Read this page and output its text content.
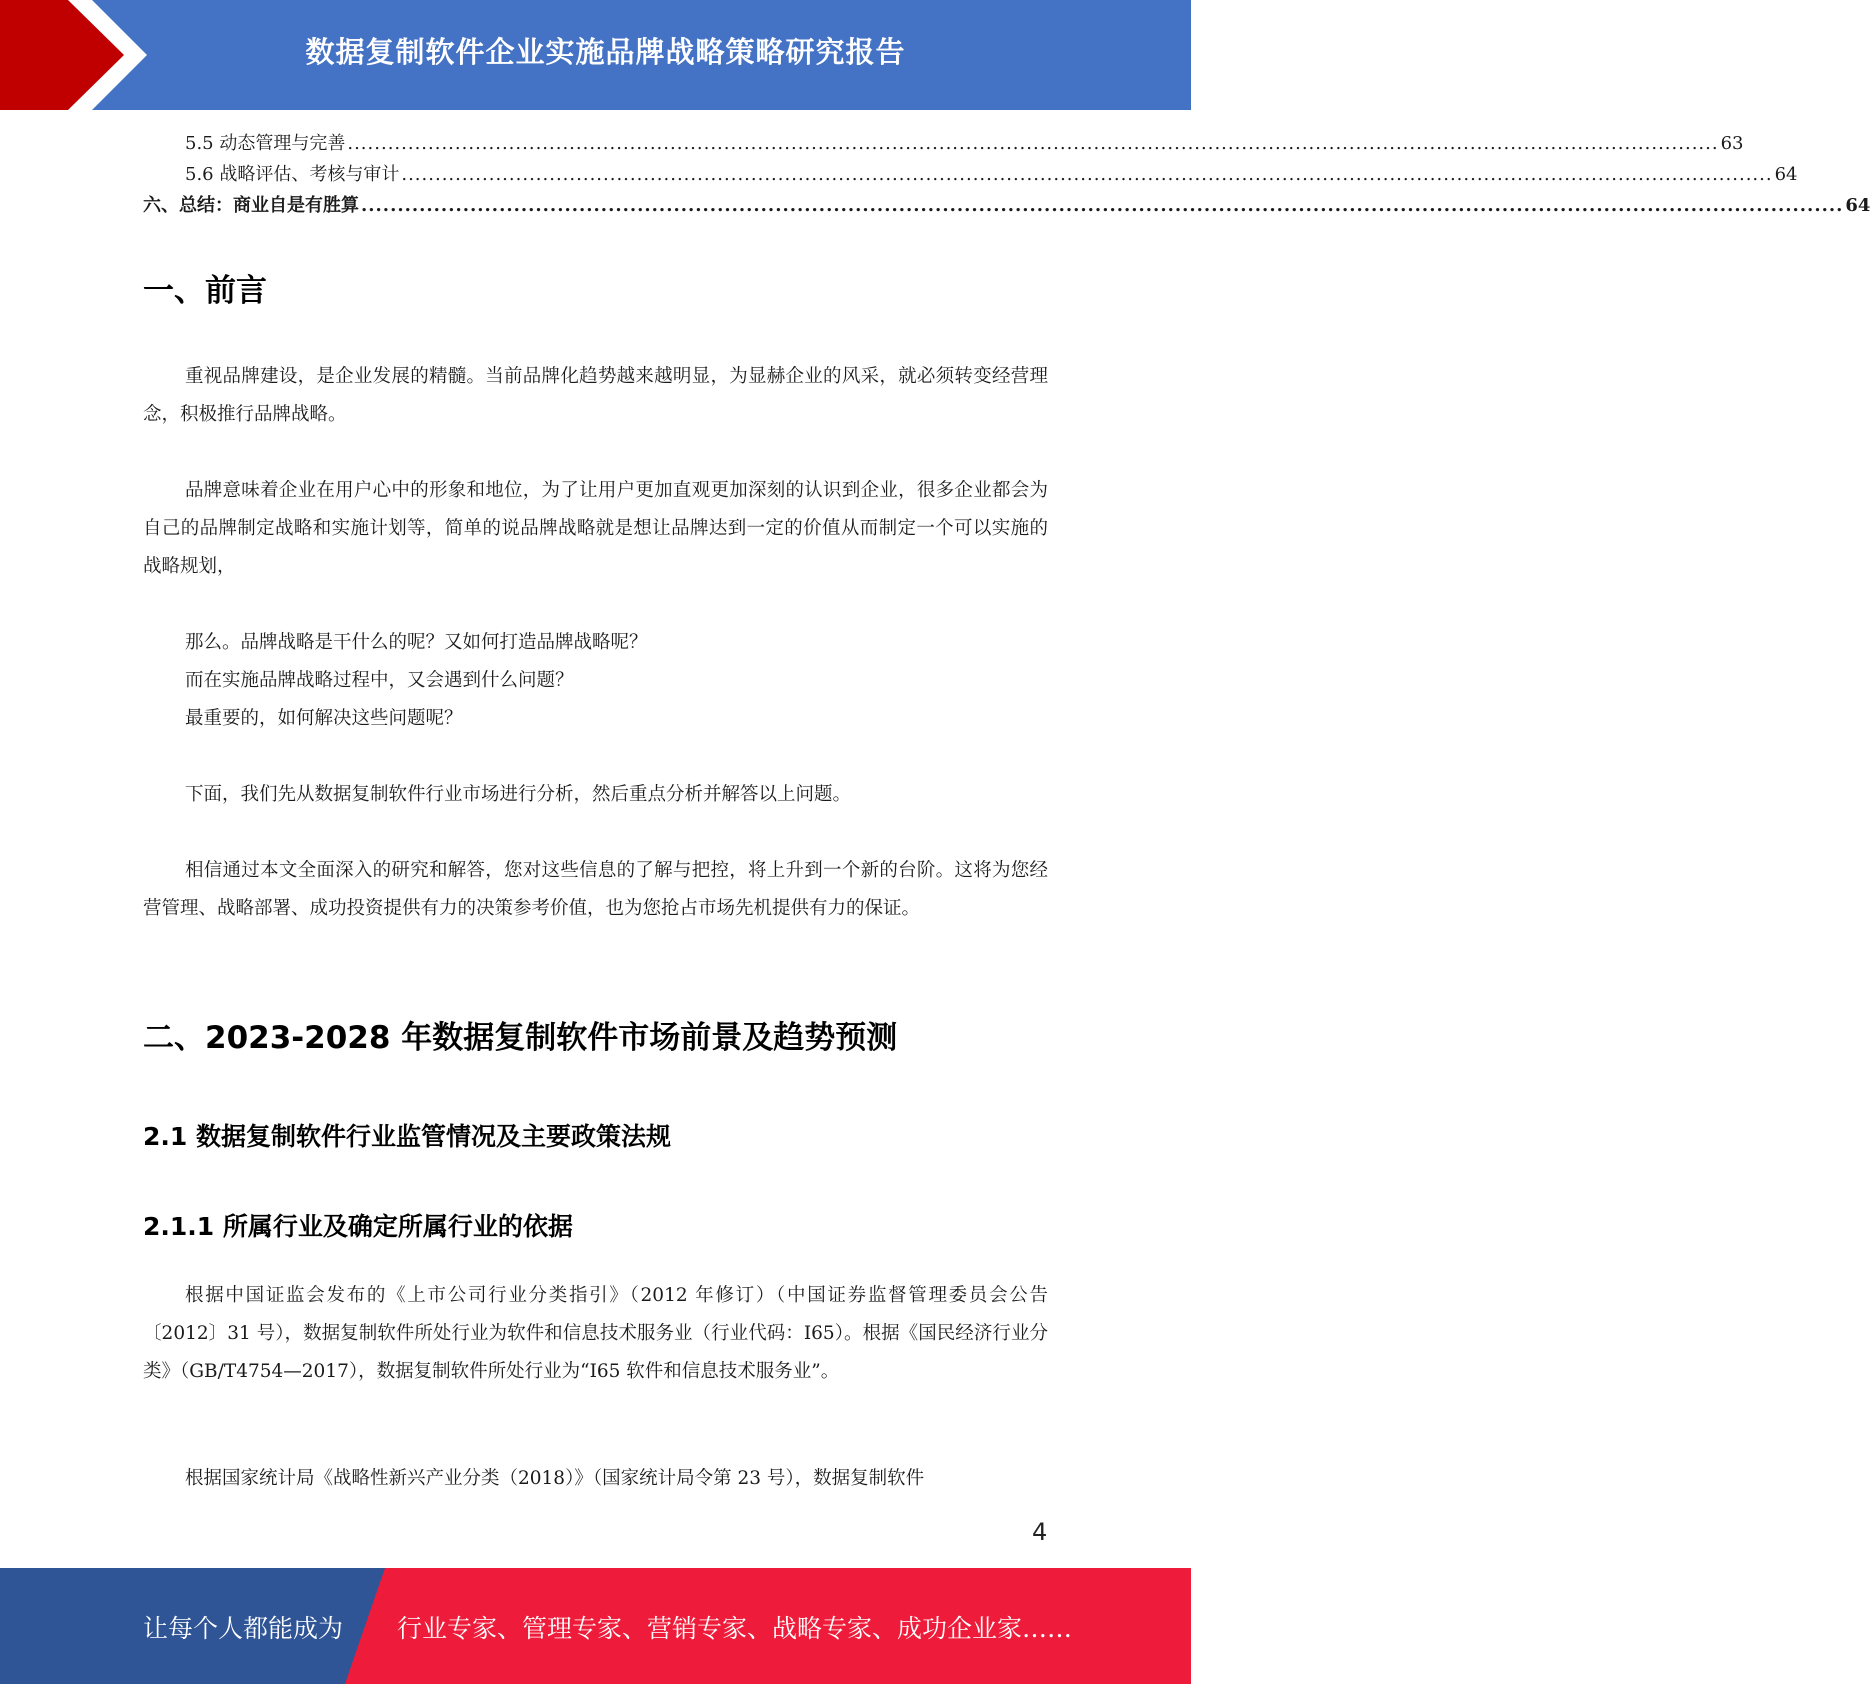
数据复制软件企业实施品牌战略策略研究报告
5.5 动态管理与完善 ............................................................................................................................................................................................................ 63
5.6 战略评估、考核与审计 ............................................................................................................................................................................................................ 64
六、总结：商业自是有胜算 ............................................................................................................................................................................................................ 64
一、前言

重视品牌建设，是企业发展的精髓。当前品牌化趋势越来越明显，为显赫企业的风采，就必须转变经营理念，积极推行品牌战略。

品牌意味着企业在用户心中的形象和地位，为了让用户更加直观更加深刻的认识到企业，很多企业都会为自己的品牌制定战略和实施计划等，简单的说品牌战略就是想让品牌达到一定的价值从而制定一个可以实施的战略规划，

那么。品牌战略是干什么的呢？又如何打造品牌战略呢？
而在实施品牌战略过程中，又会遇到什么问题？
最重要的，如何解决这些问题呢？

下面，我们先从数据复制软件行业市场进行分析，然后重点分析并解答以上问题。

相信通过本文全面深入的研究和解答，您对这些信息的了解与把控，将上升到一个新的台阶。这将为您经营管理、战略部署、成功投资提供有力的决策参考价值，也为您抢占市场先机提供有力的保证。

二、2023-2028 年数据复制软件市场前景及趋势预测
2.1 数据复制软件行业监管情况及主要政策法规
2.1.1 所属行业及确定所属行业的依据

根据中国证监会发布的《上市公司行业分类指引》（2012 年修订）（中国证券监督管理委员会公告〔2012〕31 号），数据复制软件所处行业为软件和信息技术服务业（行业代码：I65）。根据《国民经济行业分类》（GB/T4754—2017），数据复制软件所处行业为“I65 软件和信息技术服务业”。

根据国家统计局《战略性新兴产业分类（2018）》（国家统计局令第 23 号），数据复制软件

4
让每个人都能成为 行业专家、管理专家、营销专家、战略专家、成功企业家……
